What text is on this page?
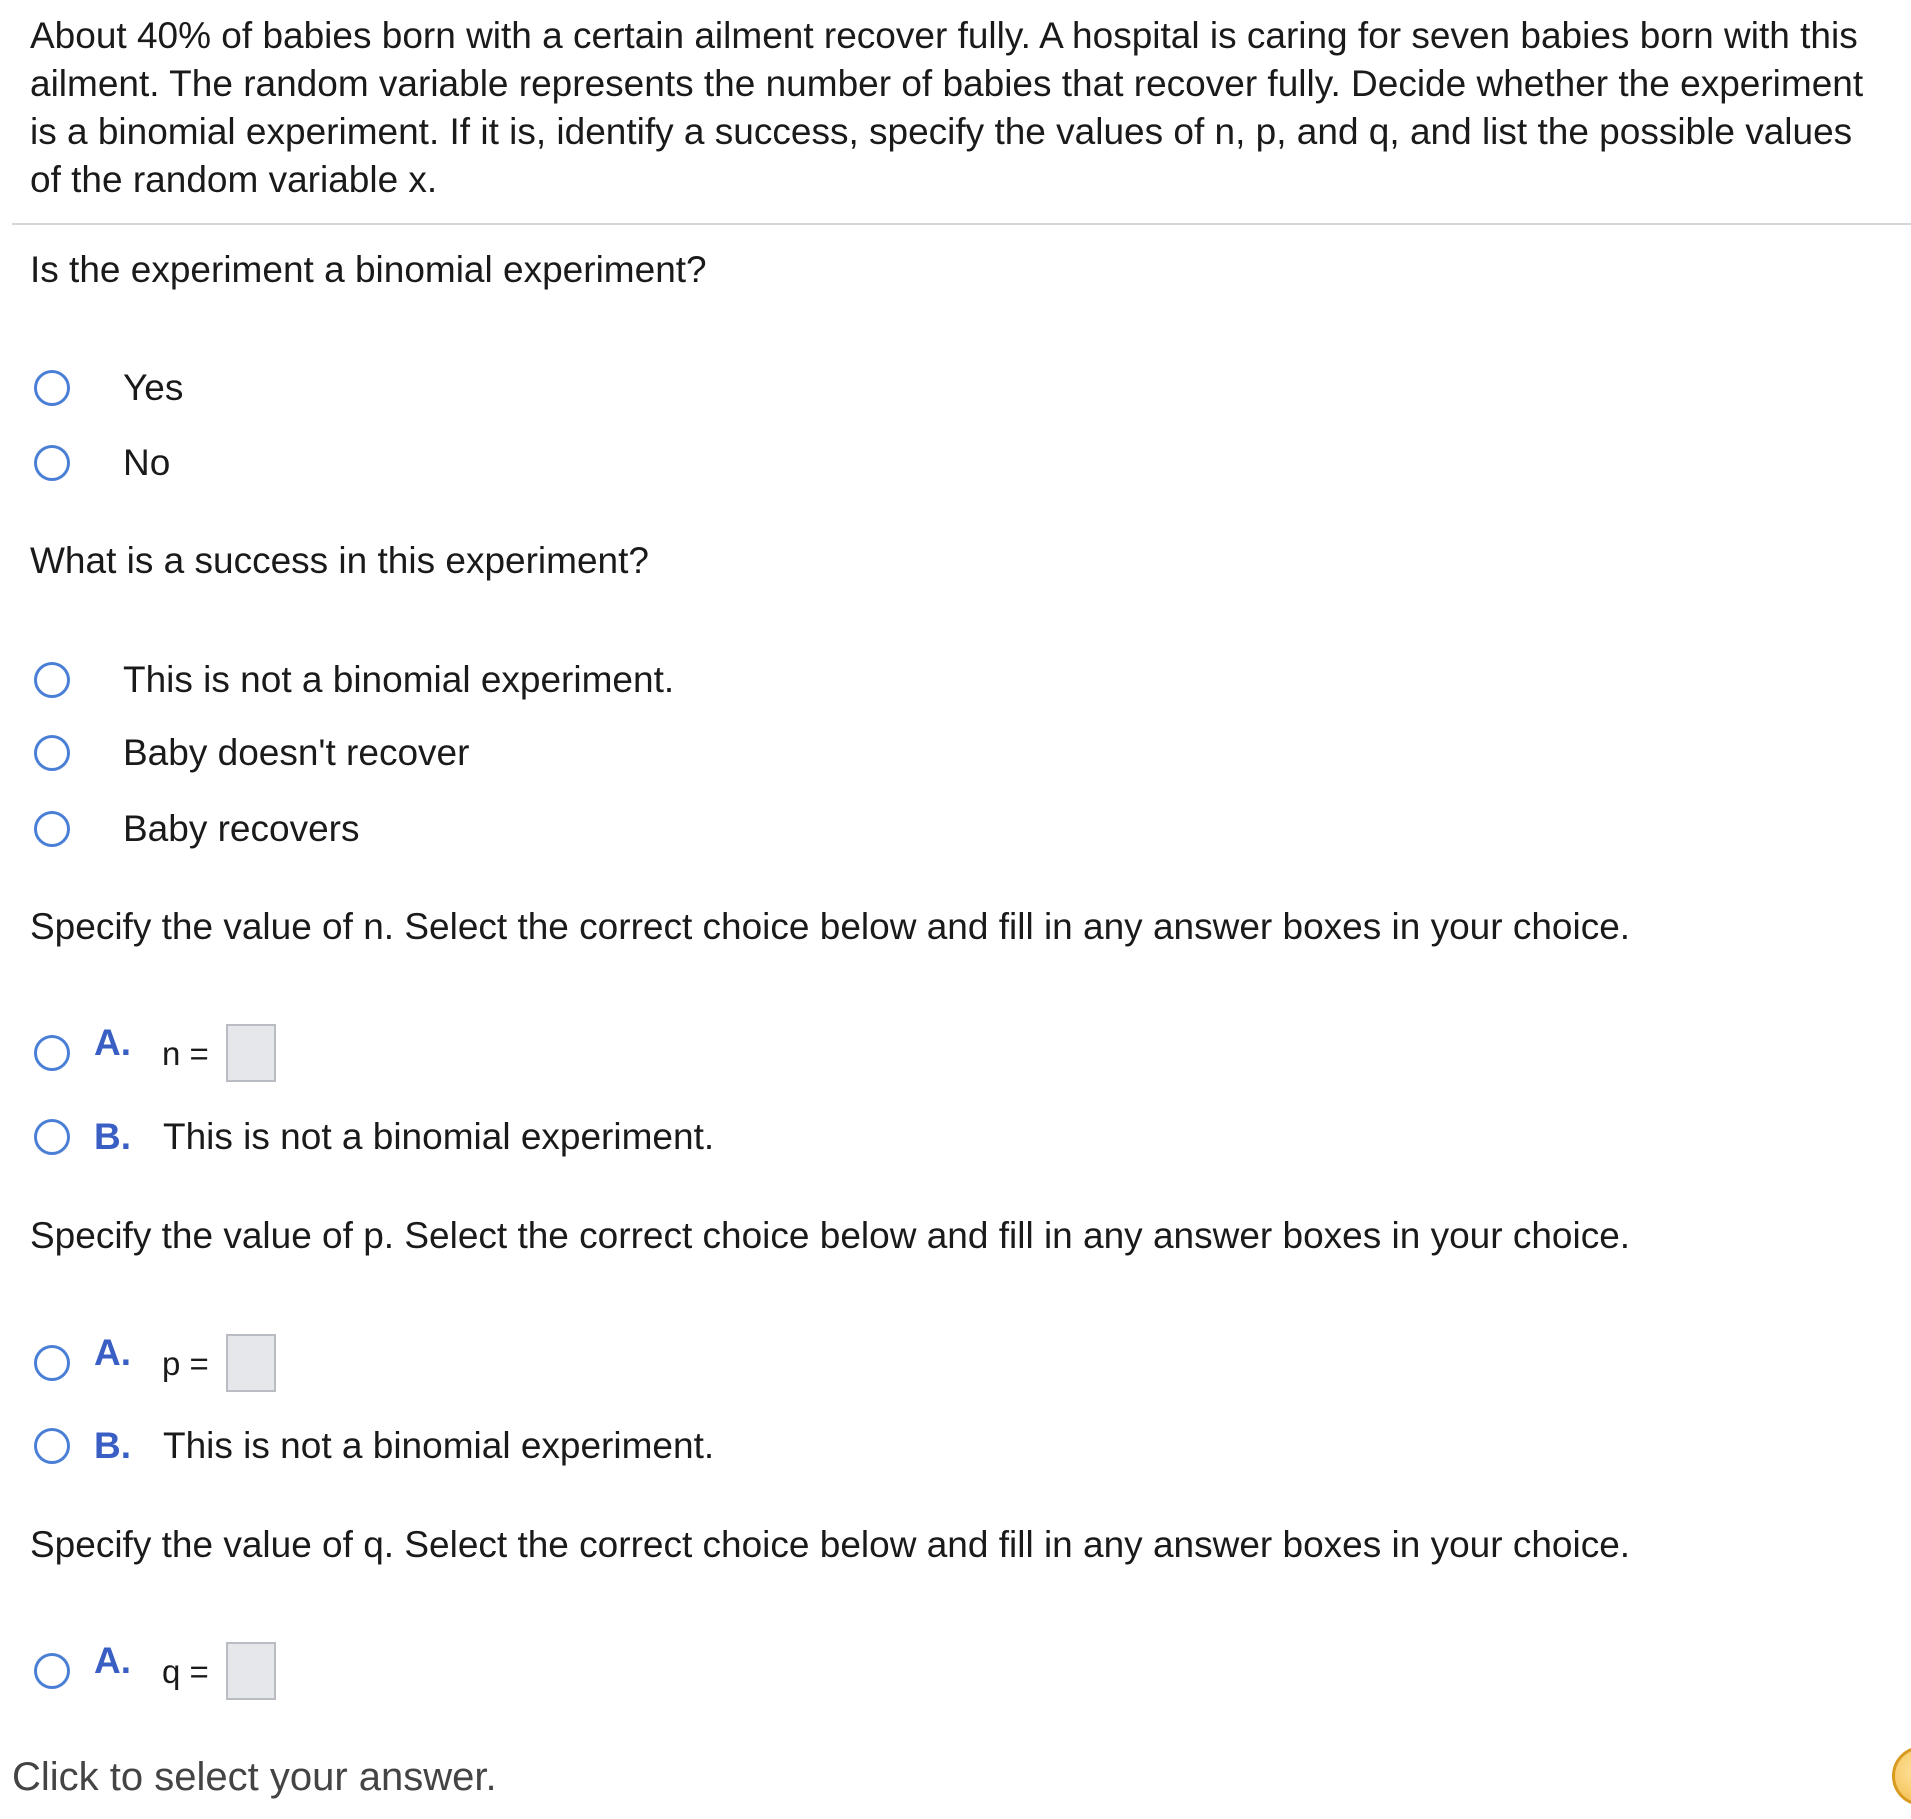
About 40% of babies born with a certain ailment recover fully. A hospital is caring for seven babies born with this ailment. The random variable represents the number of babies that recover fully. Decide whether the experiment is a binomial experiment. If it is, identify a success, specify the values of n, p, and q, and list the possible values of the random variable x.
Is the experiment a binomial experiment?
Yes
No
What is a success in this experiment?
This is not a binomial experiment.
Baby doesn't recover
Baby recovers
Specify the value of n. Select the correct choice below and fill in any answer boxes in your choice.
A. n =
B. This is not a binomial experiment.
Specify the value of p. Select the correct choice below and fill in any answer boxes in your choice.
A. p =
B. This is not a binomial experiment.
Specify the value of q. Select the correct choice below and fill in any answer boxes in your choice.
A. q =
Click to select your answer.
